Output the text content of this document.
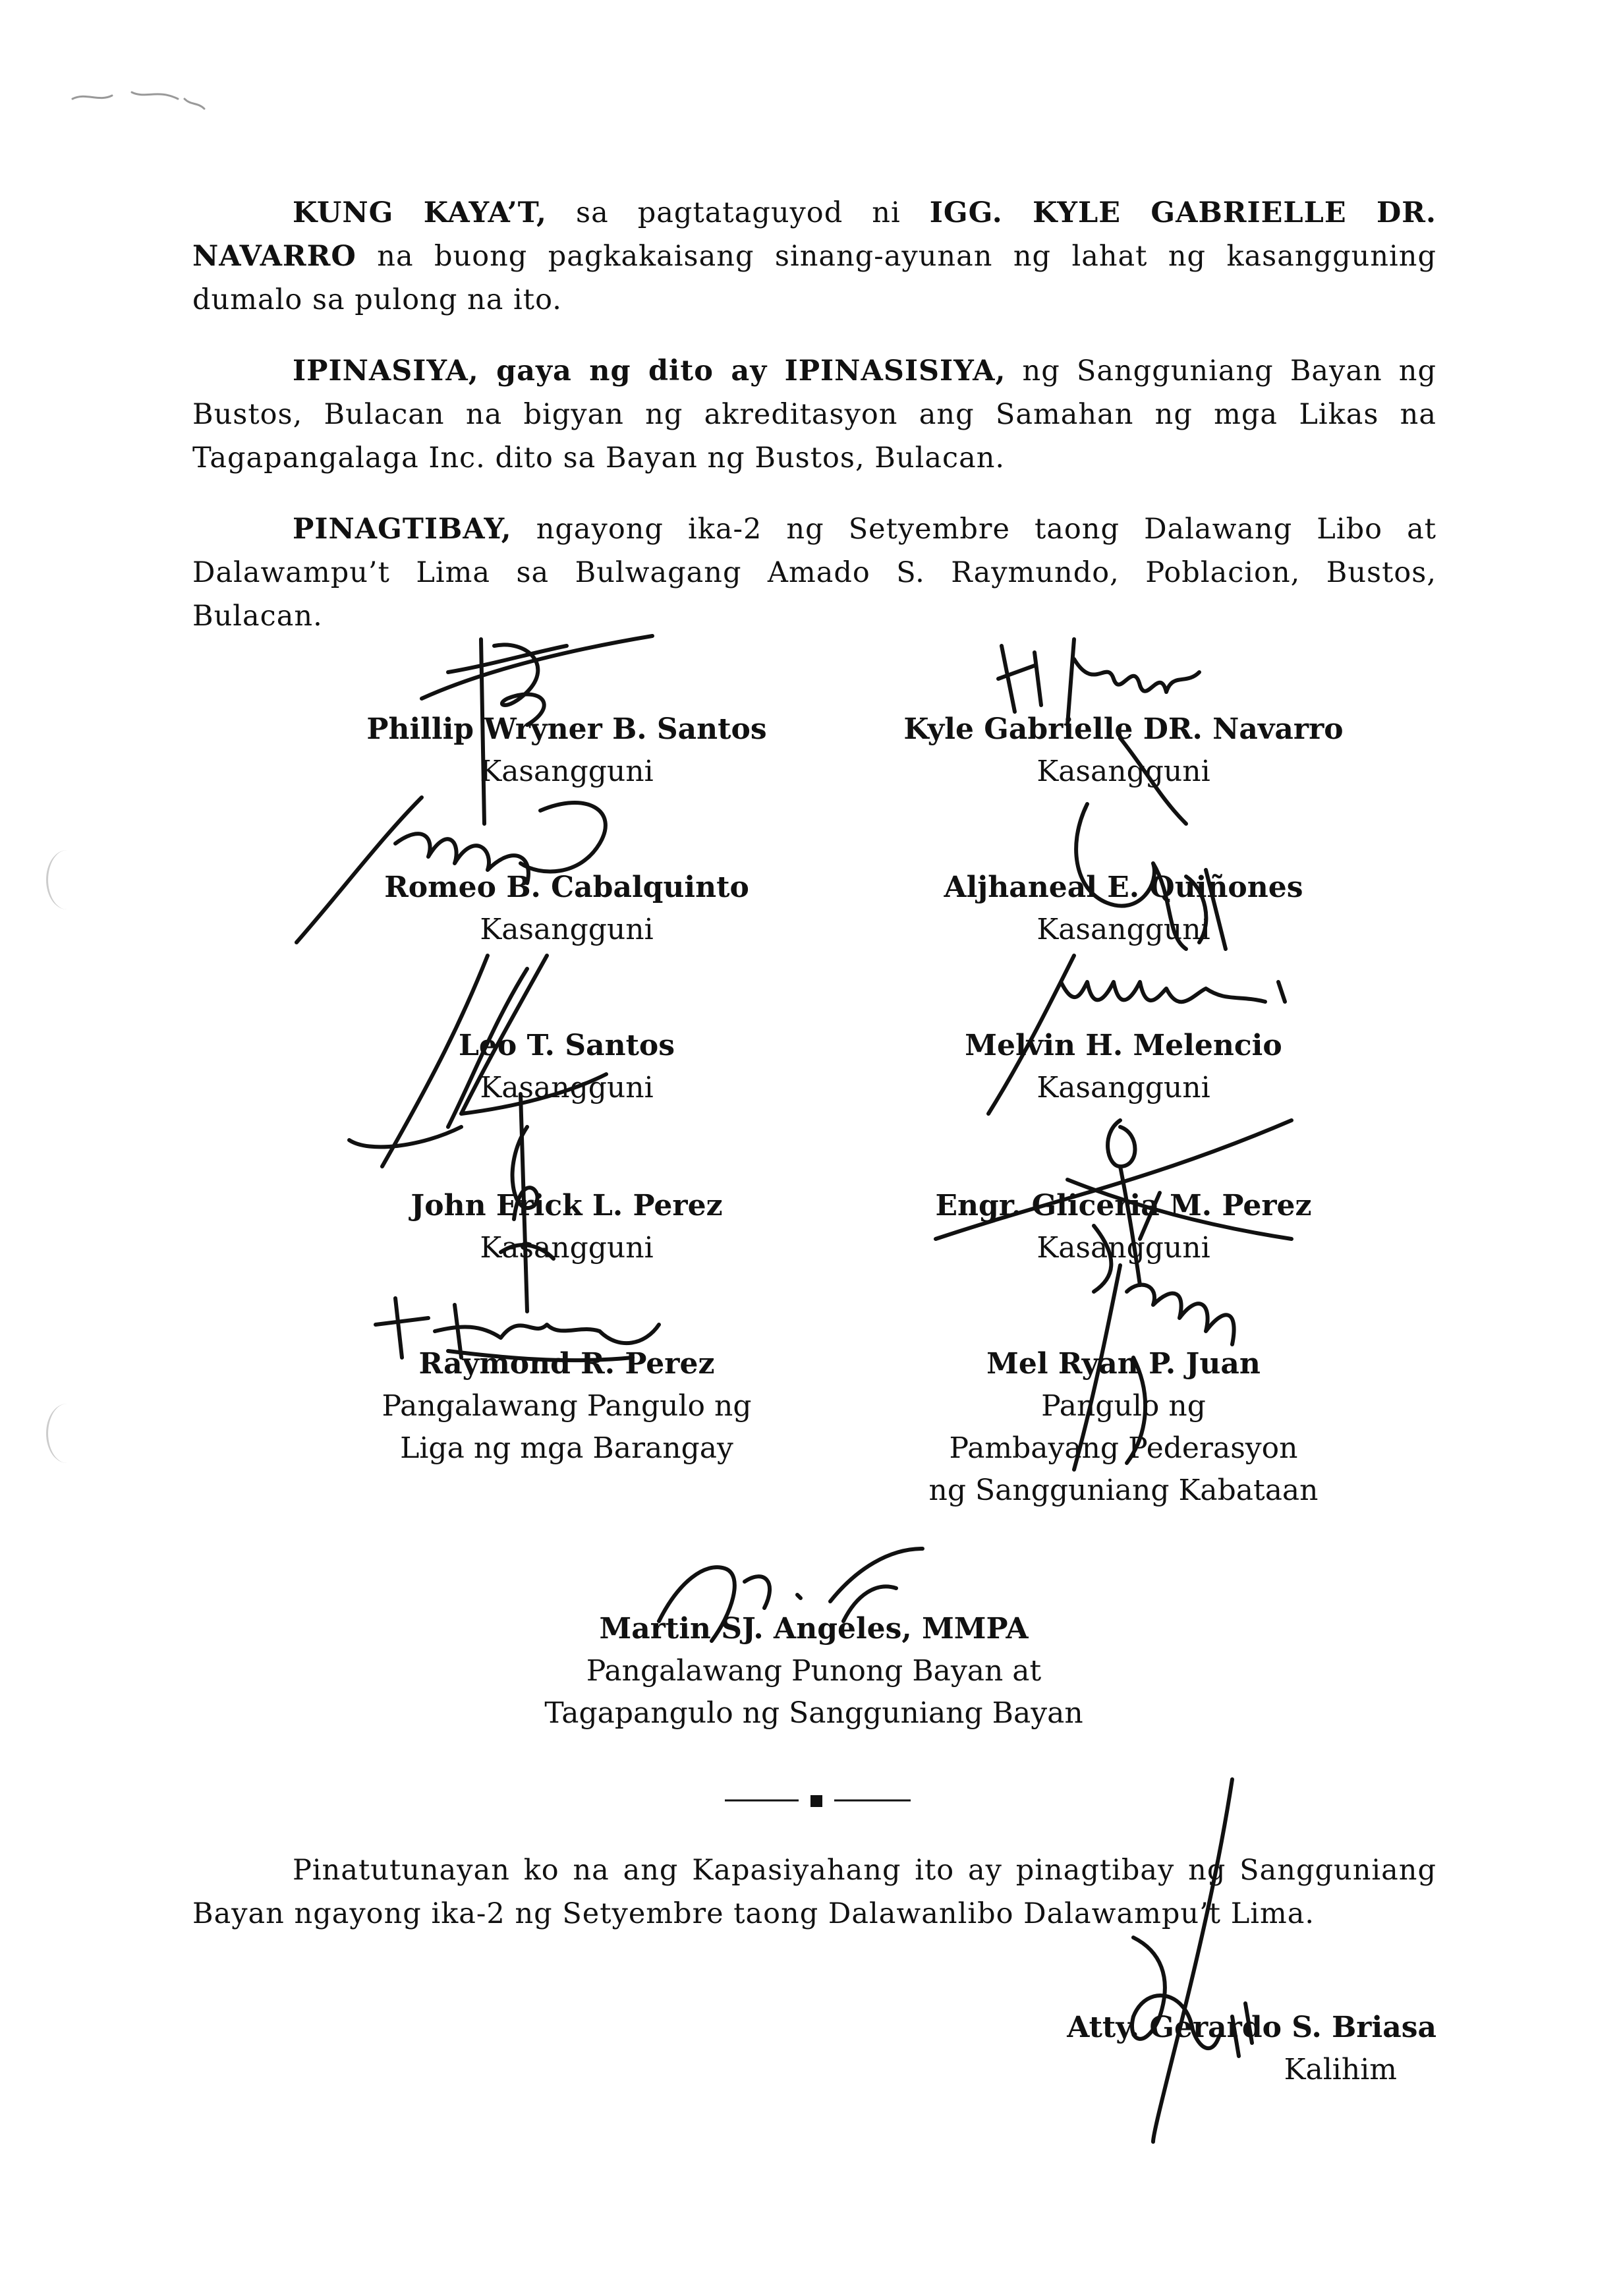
KUNG KAYA’T, sa pagtataguyod ni IGG. KYLE GABRIELLE DR. NAVARRO na buong pagkakaisang sinang-ayunan ng lahat ng kasangguning dumalo sa pulong na ito.
IPINASIYA, gaya ng dito ay IPINASISIYA, ng Sangguniang Bayan ng Bustos, Bulacan na bigyan ng akreditasyon ang Samahan ng mga Likas na Tagapangalaga Inc. dito sa Bayan ng Bustos, Bulacan.
PINAGTIBAY, ngayong ika-2 ng Setyembre taong Dalawang Libo at Dalawampu’t Lima sa Bulwagang Amado S. Raymundo, Poblacion, Bustos, Bulacan.
Phillip Wryner B. Santos
Kasangguni
Romeo B. Cabalquinto
Kasangguni
Leo T. Santos
Kasangguni
John Erick L. Perez
Kasangguni
Raymond R. Perez
Pangalawang Pangulo ng
Liga ng mga Barangay
Kyle Gabrielle DR. Navarro
Kasangguni
Aljhaneal E. Quiñones
Kasangguni
Melvin H. Melencio
Kasangguni
Engr. Gliceria M. Perez
Kasangguni
Mel Ryan P. Juan
Pangulo ng
Pambayang Pederasyon
ng Sangguniang Kabataan
Martin SJ. Angeles, MMPA
Pangalawang Punong Bayan at
Tagapangulo ng Sangguniang Bayan
Pinatutunayan ko na ang Kapasiyahang ito ay pinagtibay ng Sangguniang Bayan ngayong ika-2 ng Setyembre taong Dalawanlibo Dalawampu’t Lima.
Atty. Gerardo S. Briasa
Kalihim
